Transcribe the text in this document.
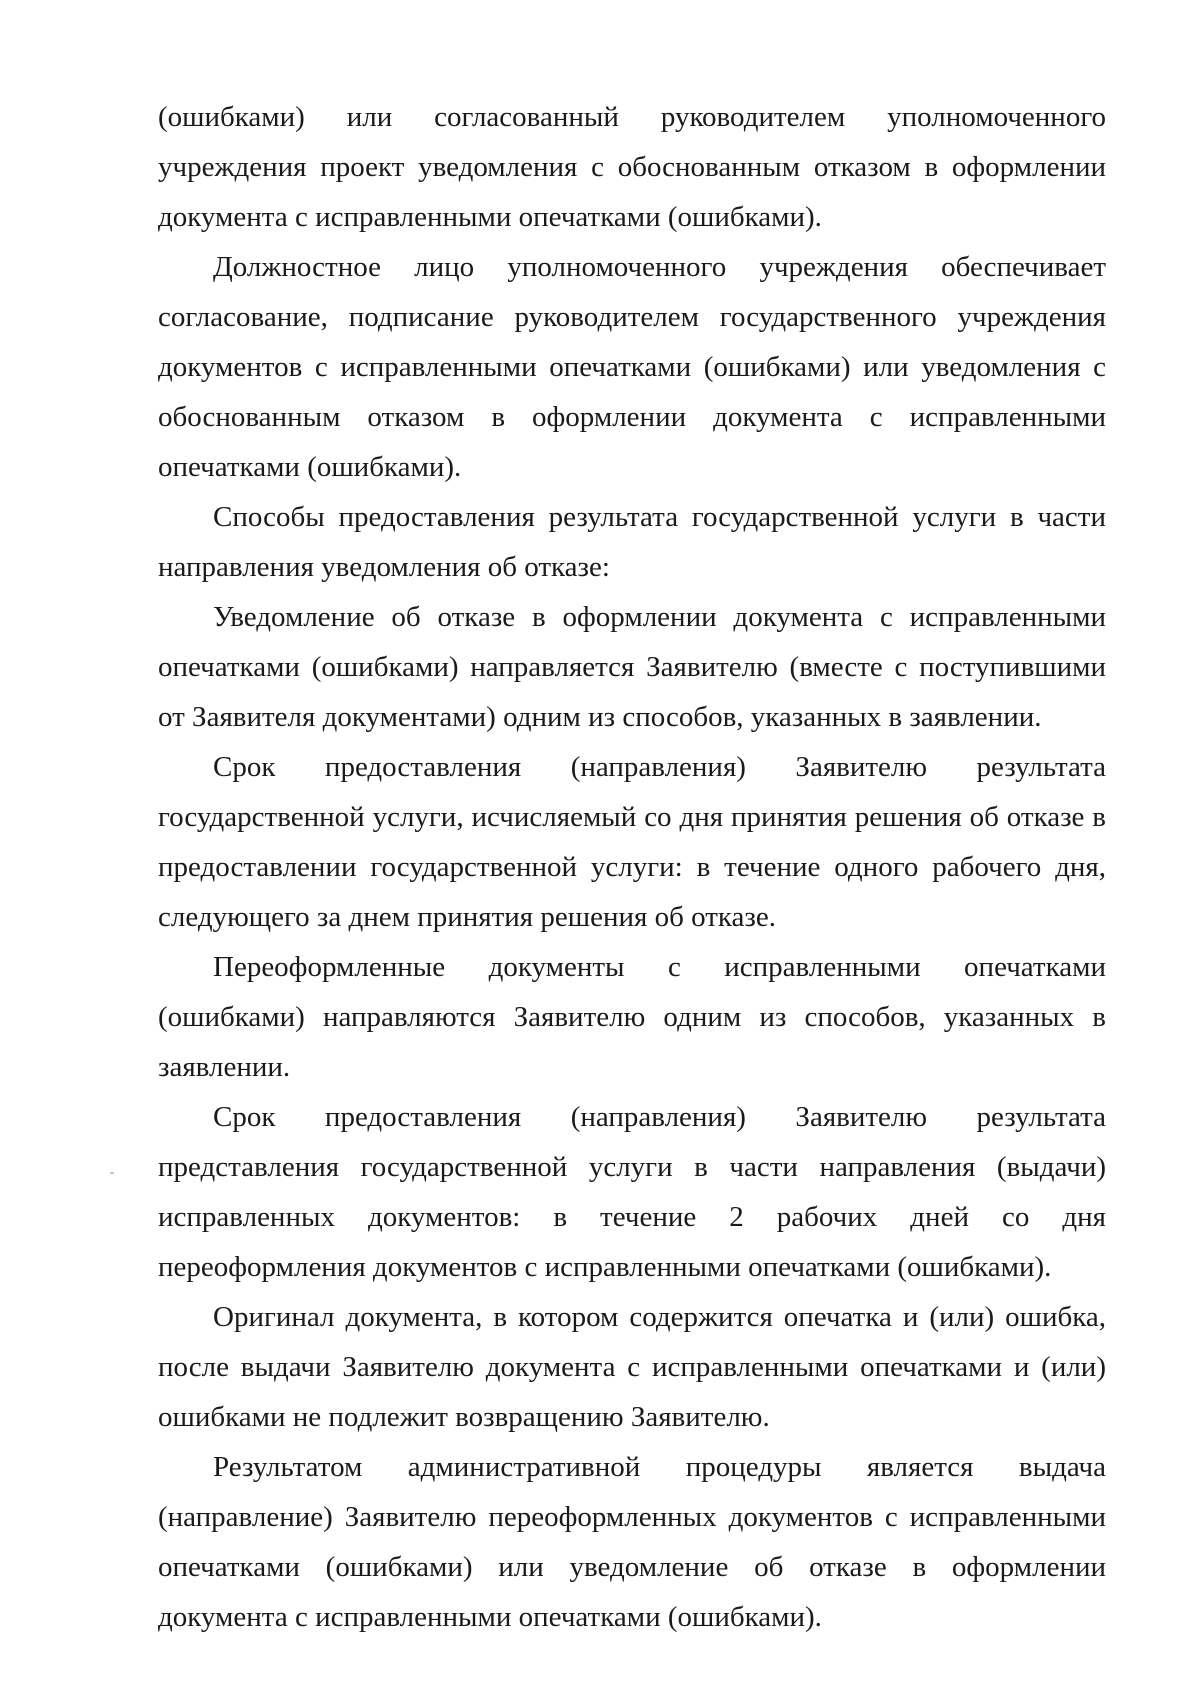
(ошибками) или согласованный руководителем уполномоченного учреждения проект уведомления с обоснованным отказом в оформлении документа с исправленными опечатками (ошибками).

Должностное лицо уполномоченного учреждения обеспечивает согласование, подписание руководителем государственного учреждения документов с исправленными опечатками (ошибками) или уведомления с обоснованным отказом в оформлении документа с исправленными опечатками (ошибками).

Способы предоставления результата государственной услуги в части направления уведомления об отказе:

Уведомление об отказе в оформлении документа с исправленными опечатками (ошибками) направляется Заявителю (вместе с поступившими от Заявителя документами) одним из способов, указанных в заявлении.

Срок предоставления (направления) Заявителю результата государственной услуги, исчисляемый со дня принятия решения об отказе в предоставлении государственной услуги: в течение одного рабочего дня, следующего за днем принятия решения об отказе.

Переоформленные документы с исправленными опечатками (ошибками) направляются Заявителю одним из способов, указанных в заявлении.

Срок предоставления (направления) Заявителю результата представления государственной услуги в части направления (выдачи) исправленных документов: в течение 2 рабочих дней со дня переоформления документов с исправленными опечатками (ошибками).

Оригинал документа, в котором содержится опечатка и (или) ошибка, после выдачи Заявителю документа с исправленными опечатками и (или) ошибками не подлежит возвращению Заявителю.

Результатом административной процедуры является выдача (направление) Заявителю переоформленных документов с исправленными опечатками (ошибками) или уведомление об отказе в оформлении документа с исправленными опечатками (ошибками).
